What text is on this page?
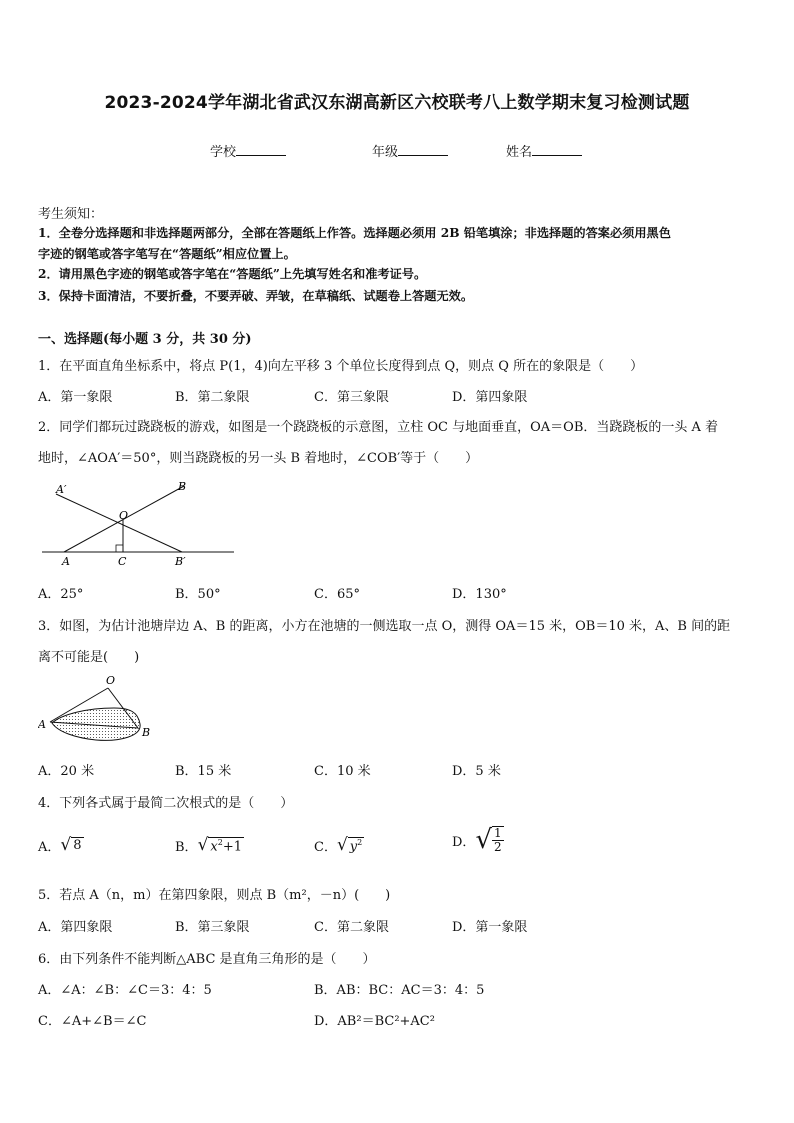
2023-2024学年湖北省武汉东湖高新区六校联考八上数学期末复习检测试题
学校	年级	姓名
考生须知：
1．全卷分选择题和非选择题两部分，全部在答题纸上作答。选择题必须用 2B 铅笔填涂；非选择题的答案必须用黑色
字迹的钢笔或答字笔写在“答题纸”相应位置上。
2．请用黑色字迹的钢笔或答字笔在“答题纸”上先填写姓名和准考证号。
3．保持卡面清洁，不要折叠，不要弄破、弄皱，在草稿纸、试题卷上答题无效。
一、选择题(每小题 3 分，共 30 分)
1．在平面直角坐标系中，将点 P(1，4)向左平移 3 个单位长度得到点 Q，则点 Q 所在的象限是（　　）
A．第一象限	B．第二象限	C．第三象限	D．第四象限
2．同学们都玩过跷跷板的游戏，如图是一个跷跷板的示意图，立柱 OC 与地面垂直，OA＝OB．当跷跷板的一头 A 着
地时，∠AOA′＝50°，则当跷跷板的另一头 B 着地时，∠COB′等于（　　）
A′	B
O
A	C	B′
A．25°	B．50°	C．65°	D．130°
3．如图，为估计池塘岸边 A、B 的距离，小方在池塘的一侧选取一点 O，测得 OA＝15 米，OB＝10 米，A、B 间的距
离不可能是(　　)
O
A
B
A．20 米	B．15 米	C．10 米	D．5 米
4．下列各式属于最简二次根式的是（　　）
A． √ 8	B． √ $x^2+1$	C． √ $y^2$	D． √ $\frac{1}{2}$
5．若点 A（n，m）在第四象限，则点 B（m²，－n）(　　)
A．第四象限	B．第三象限	C．第二象限	D．第一象限
6．由下列条件不能判断△ABC 是直角三角形的是（　　）
A．∠A：∠B：∠C＝3：4：5	B．AB：BC：AC＝3：4：5
C．∠A+∠B＝∠C	D．AB²＝BC²+AC²
